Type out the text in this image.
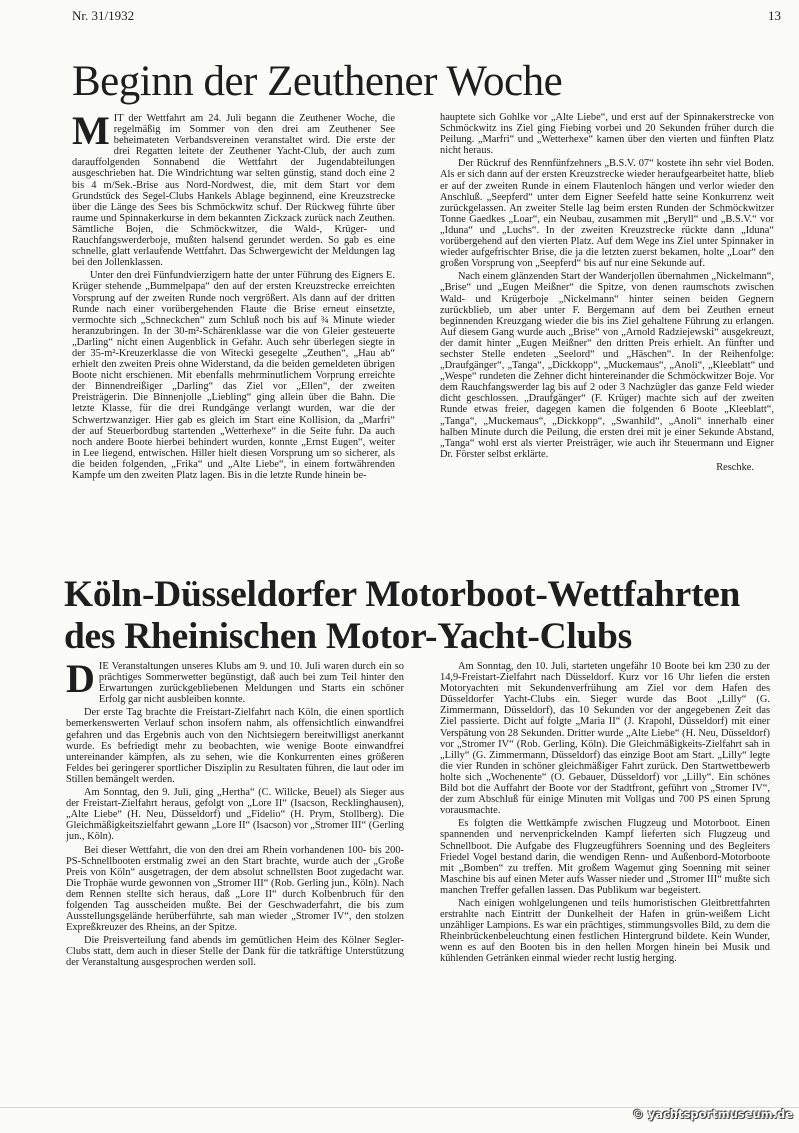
Nr. 31/1932	13
Beginn der Zeuthener Woche

MIT der Wettfahrt am 24. Juli begann die Zeuthener Woche, die regelmäßig im Sommer von den drei am Zeuthener See beheimateten Verbandsvereinen veranstaltet wird. Die erste der drei Regatten leitete der Zeuthener Yacht-Club, der auch zum darauffolgenden Sonnabend die Wettfahrt der Jugendabteilungen ausgeschrieben hat. Die Windrichtung war selten günstig, stand doch eine 2 bis 4 m/Sek.-Brise aus Nord-Nordwest, die, mit dem Start vor dem Grundstück des Segel-Clubs Hankels Ablage beginnend, eine Kreuzstrecke über die Länge des Sees bis Schmöckwitz schuf. Der Rückweg führte über raume und Spinnakerkurse in dem bekannten Zickzack zurück nach Zeuthen. Sämtliche Bojen, die Schmöckwitzer, die Wald-, Krüger- und Rauchfangswerderboje, mußten halsend gerundet werden. So gab es eine schnelle, glatt verlaufende Wettfahrt. Das Schwergewicht der Meldungen lag bei den Jollenklassen.

Unter den drei Fünfundvierzigern hatte der unter Führung des Eigners E. Krüger stehende „Bummelpapa“ den auf der ersten Kreuzstrecke erreichten Vorsprung auf der zweiten Runde noch vergrößert. Als dann auf der dritten Runde nach einer vorübergehenden Flaute die Brise erneut einsetzte, vermochte sich „Schneckchen“ zum Schluß noch bis auf ¾ Minute wieder heranzubringen. In der 30-m²-Schärenklasse war die von Gleier gesteuerte „Darling“ nicht einen Augenblick in Gefahr. Auch sehr überlegen siegte in der 35-m²-Kreuzerklasse die von Witecki gesegelte „Zeuthen“, „Hau ab“ erhielt den zweiten Preis ohne Widerstand, da die beiden gemeldeten übrigen Boote nicht erschienen. Mit ebenfalls mehrminutlichem Vorprung erreichte der Binnendreißiger „Darling“ das Ziel vor „Ellen“, der zweiten Preisträgerin. Die Binnenjolle „Liebling“ ging allein über die Bahn. Die letzte Klasse, für die drei Rundgänge verlangt wurden, war die der Schwertzwanziger. Hier gab es gleich im Start eine Kollision, da „Marfri“ der auf Steuerbordbug startenden „Wetterhexe“ in die Seite fuhr. Da auch noch andere Boote hierbei behindert wurden, konnte „Ernst Eugen“, weiter in Lee liegend, entwischen. Hiller hielt diesen Vorsprung um so sicherer, als die beiden folgenden, „Frika“ und „Alte Liebe“, in einem fortwährenden Kampfe um den zweiten Platz lagen. Bis in die letzte Runde hinein be-

hauptete sich Gohlke vor „Alte Liebe“, und erst auf der Spinnakerstrecke von Schmöckwitz ins Ziel ging Fiebing vorbei und 20 Sekunden früher durch die Peilung. „Marfri“ und „Wetterhexe“ kamen über den vierten und fünften Platz nicht heraus.

Der Rückruf des Rennfünfzehners „B.S.V. 07“ kostete ihn sehr viel Boden. Als er sich dann auf der ersten Kreuzstrecke wieder heraufgearbeitet hatte, blieb er auf der zweiten Runde in einem Flautenloch hängen und verlor wieder den Anschluß. „Seepferd“ unter dem Eigner Seefeld hatte seine Konkurrenz weit zurückgelassen. An zweiter Stelle lag beim ersten Runden der Schmöckwitzer Tonne Gaedkes „Loar“, ein Neubau, zusammen mit „Beryll“ und „B.S.V.“ vor „Iduna“ und „Luchs“. In der zweiten Kreuzstrecke rückte dann „Iduna“ vorübergehend auf den vierten Platz. Auf dem Wege ins Ziel unter Spinnaker in wieder aufgefrischter Brise, die ja die letzten zuerst bekamen, holte „Loar“ den großen Vorsprung von „Seepferd“ bis auf nur eine Sekunde auf.

Nach einem glänzenden Start der Wanderjollen übernahmen „Nickelmann“, „Brise“ und „Eugen Meißner“ die Spitze, von denen raumschots zwischen Wald- und Krügerboje „Nickelmann“ hinter seinen beiden Gegnern zurückblieb, um aber unter F. Bergemann auf dem bei Zeuthen erneut beginnenden Kreuzgang wieder die bis ins Ziel gehaltene Führung zu erlangen. Auf diesem Gang wurde auch „Brise“ von „Arnold Radziejewski“ ausgekreuzt, der damit hinter „Eugen Meißner“ den dritten Preis erhielt. An fünfter und sechster Stelle endeten „Seelord“ und „Häschen“. In der Reihenfolge: „Draufgänger“, „Tanga“, „Dickkopp“, „Muckemaus“, „Anoli“, „Kleeblatt“ und „Wespe“ rundeten die Zehner dicht hintereinander die Schmöckwitzer Boje. Vor dem Rauchfangswerder lag bis auf 2 oder 3 Nachzügler das ganze Feld wieder dicht geschlossen. „Draufgänger“ (F. Krüger) machte sich auf der zweiten Runde etwas freier, dagegen kamen die folgenden 6 Boote „Kleeblatt“, „Tanga“, „Muckemaus“, „Dickkopp“, „Swanhild“, „Anoli“ innerhalb einer halben Minute durch die Peilung, die ersten drei mit je einer Sekunde Abstand, „Tanga“ wohl erst als vierter Preisträger, wie auch ihr Steuermann und Eigner Dr. Förster selbst erklärte.

Reschke.
Köln-Düsseldorfer Motorboot-Wettfahrten
des Rheinischen Motor-Yacht-Clubs

DIE Veranstaltungen unseres Klubs am 9. und 10. Juli waren durch ein so prächtiges Sommerwetter begünstigt, daß auch bei zum Teil hinter den Erwartungen zurückgebliebenen Meldungen und Starts ein schöner Erfolg gar nicht ausbleiben konnte.

Der erste Tag brachte die Freistart-Zielfahrt nach Köln, die einen sportlich bemerkenswerten Verlauf schon insofern nahm, als offensichtlich einwandfrei gefahren und das Ergebnis auch von den Nichtsiegern bereitwilligst anerkannt wurde. Es befriedigt mehr zu beobachten, wie wenige Boote einwandfrei untereinander kämpfen, als zu sehen, wie die Konkurrenten eines größeren Feldes bei geringerer sportlicher Disziplin zu Resultaten führen, die laut oder im Stillen bemängelt werden.

Am Sonntag, den 9. Juli, ging „Hertha“ (C. Willcke, Beuel) als Sieger aus der Freistart-Zielfahrt heraus, gefolgt von „Lore II“ (Isacson, Recklinghausen), „Alte Liebe“ (H. Neu, Düsseldorf) und „Fidelio“ (H. Prym, Stollberg). Die Gleichmäßigkeitszielfahrt gewann „Lore II“ (Isacson) vor „Stromer III“ (Gerling jun., Köln).

Bei dieser Wettfahrt, die von den drei am Rhein vorhandenen 100- bis 200-PS-Schnellbooten erstmalig zwei an den Start brachte, wurde auch der „Große Preis von Köln“ ausgetragen, der dem absolut schnellsten Boot zugedacht war. Die Trophäe wurde gewonnen von „Stromer III“ (Rob. Gerling jun., Köln). Nach dem Rennen stellte sich heraus, daß „Lore II“ durch Kolbenbruch für den folgenden Tag ausscheiden mußte. Bei der Geschwaderfahrt, die bis zum Ausstellungsgelände herüberführte, sah man wieder „Stromer IV“, den stolzen Expreßkreuzer des Rheins, an der Spitze.

Die Preisverteilung fand abends im gemütlichen Heim des Kölner Segler-Clubs statt, dem auch in dieser Stelle der Dank für die tatkräftige Unterstützung der Veranstaltung ausgesprochen werden soll.

Am Sonntag, den 10. Juli, starteten ungefähr 10 Boote bei km 230 zu der 14,9-Freistart-Zielfahrt nach Düsseldorf. Kurz vor 16 Uhr liefen die ersten Motoryachten mit Sekundenverfrühung am Ziel vor dem Hafen des Düsseldorfer Yacht-Clubs ein. Sieger wurde das Boot „Lilly“ (G. Zimmermann, Düsseldorf), das 10 Sekunden vor der angegebenen Zeit das Ziel passierte. Dicht auf folgte „Maria II“ (J. Krapohl, Düsseldorf) mit einer Verspätung von 28 Sekunden. Dritter wurde „Alte Liebe“ (H. Neu, Düsseldorf) vor „Stromer IV“ (Rob. Gerling, Köln). Die Gleichmäßigkeits-Zielfahrt sah in „Lilly“ (G. Zimmermann, Düsseldorf) das einzige Boot am Start. „Lilly“ legte die vier Runden in schöner gleichmäßiger Fahrt zurück. Den Startwettbewerb holte sich „Wochenente“ (O. Gebauer, Düsseldorf) vor „Lilly“. Ein schönes Bild bot die Auffahrt der Boote vor der Stadtfront, geführt von „Stromer IV“, der zum Abschluß für einige Minuten mit Vollgas und 700 PS einen Sprung vorausmachte.

Es folgten die Wettkämpfe zwischen Flugzeug und Motorboot. Einen spannenden und nervenprickelnden Kampf lieferten sich Flugzeug und Schnellboot. Die Aufgabe des Flugzeugführers Soenning und des Begleiters Friedel Vogel bestand darin, die wendigen Renn- und Außenbord-Motorboote mit „Bomben“ zu treffen. Mit großem Wagemut ging Soenning mit seiner Maschine bis auf einen Meter aufs Wasser nieder und „Stromer III“ mußte sich manchen Treffer gefallen lassen. Das Publikum war begeistert.

Nach einigen wohlgelungenen und teils humoristischen Gleitbrettfahrten erstrahlte nach Eintritt der Dunkelheit der Hafen in grün-weißem Licht unzähliger Lampions. Es war ein prächtiges, stimmungsvolles Bild, zu dem die Rheinbrückenbeleuchtung einen festlichen Hintergrund bildete. Kein Wunder, wenn es auf den Booten bis in den hellen Morgen hinein bei Musik und kühlenden Getränken einmal wieder recht lustig herging.

© yachtsportmuseum.de
